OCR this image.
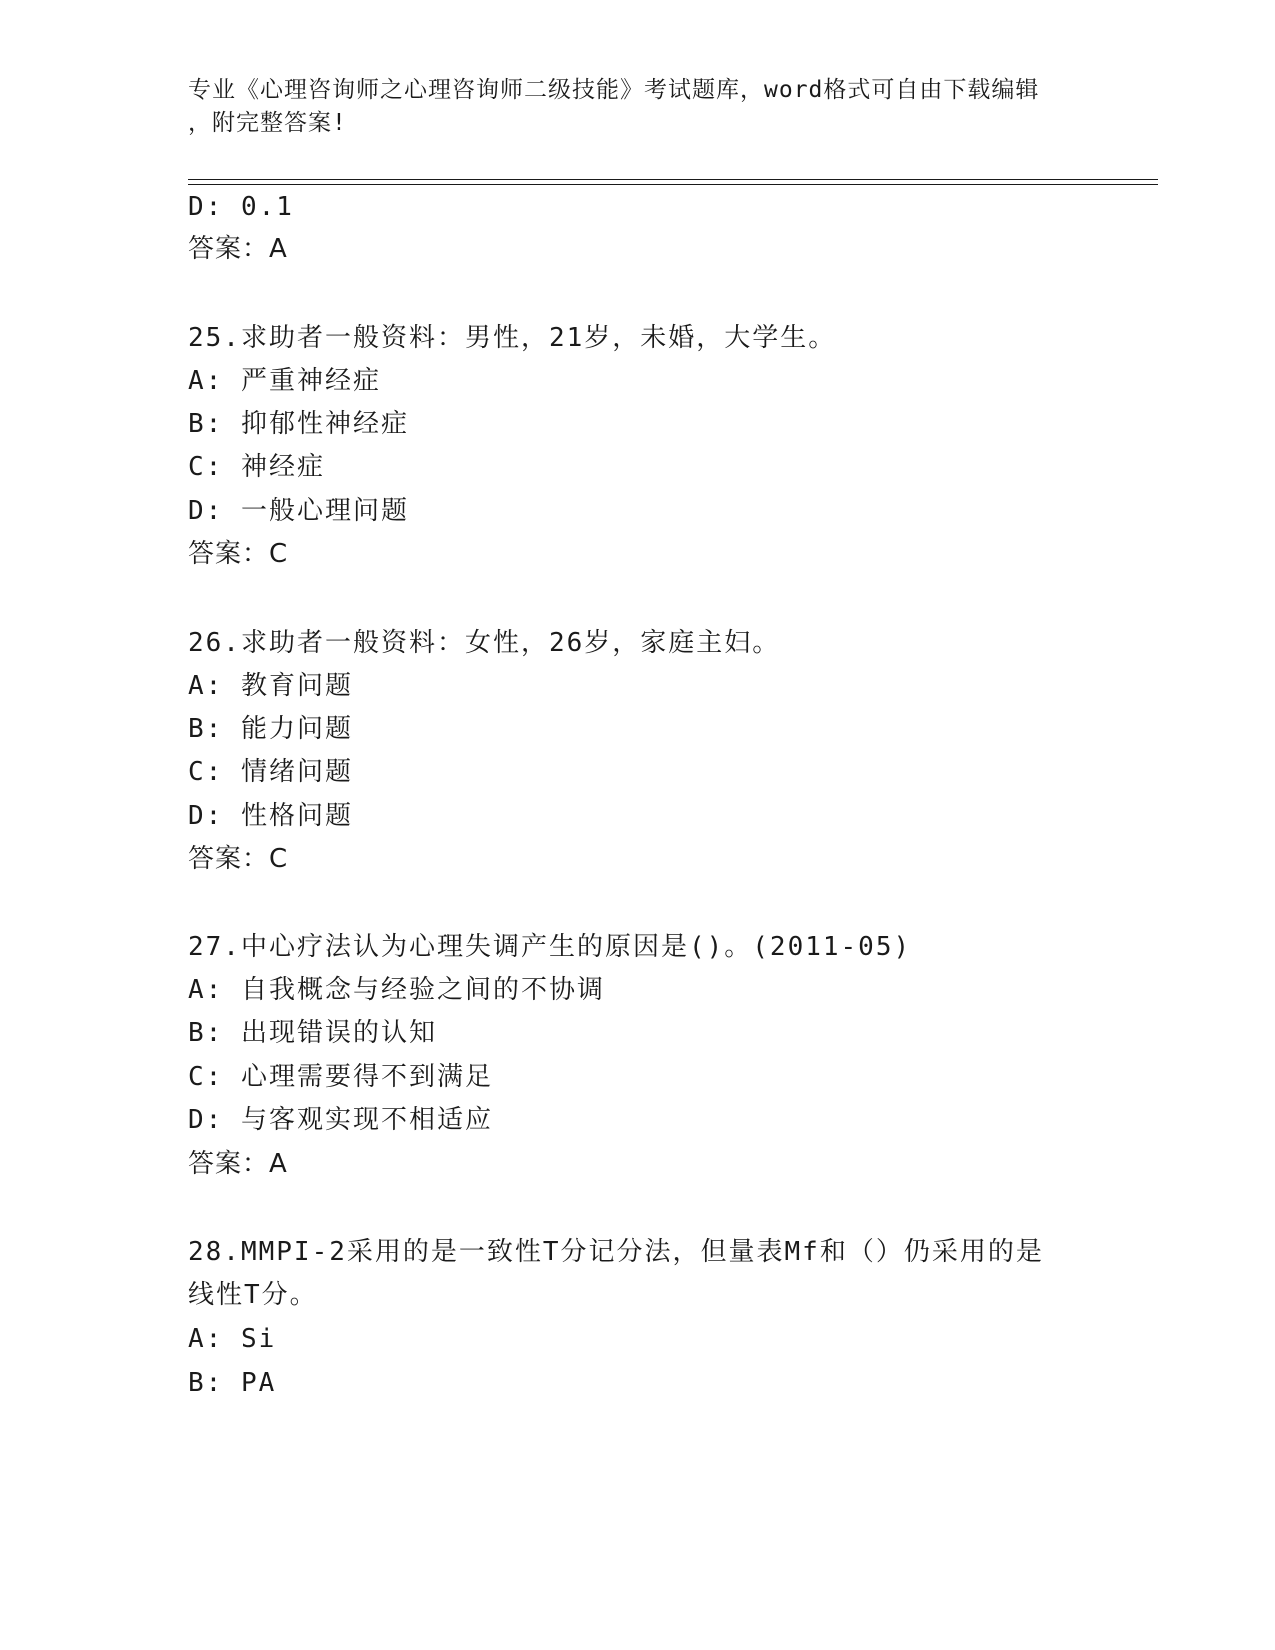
专业《心理咨询师之心理咨询师二级技能》考试题库，word格式可自由下载编辑
，附完整答案!
D: 0.1
答案：A
25.求助者一般资料：男性，21岁，未婚，大学生。
A: 严重神经症
B: 抑郁性神经症
C: 神经症
D: 一般心理问题
答案：C
26.求助者一般资料：女性，26岁，家庭主妇。
A: 教育问题
B: 能力问题
C: 情绪问题
D: 性格问题
答案：C
27.中心疗法认为心理失调产生的原因是()。(2011-05)
A: 自我概念与经验之间的不协调
B: 出现错误的认知
C: 心理需要得不到满足
D: 与客观实现不相适应
答案：A
28.MMPI-2采用的是一致性T分记分法，但量表Mf和（）仍采用的是
线性T分。
A: Si
B: PA
